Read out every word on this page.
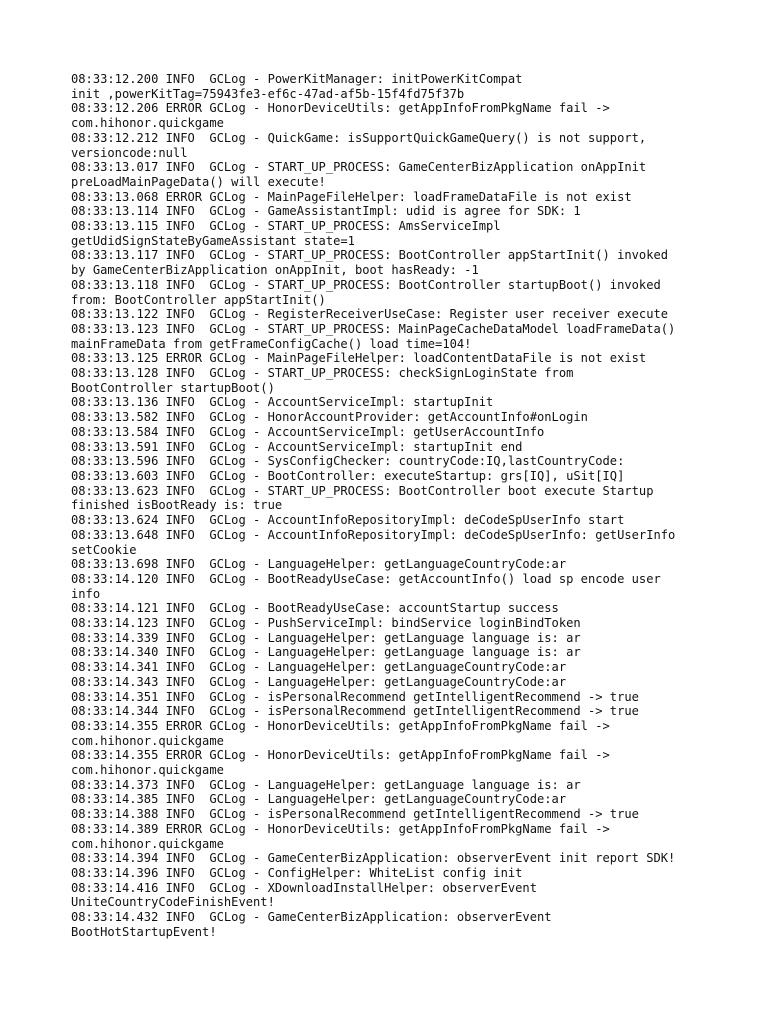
08:33:12.200 INFO  GCLog - PowerKitManager: initPowerKitCompat
init ,powerKitTag=75943fe3-ef6c-47ad-af5b-15f4fd75f37b
08:33:12.206 ERROR GCLog - HonorDeviceUtils: getAppInfoFromPkgName fail ->
com.hihonor.quickgame
08:33:12.212 INFO  GCLog - QuickGame: isSupportQuickGameQuery() is not support,
versioncode:null
08:33:13.017 INFO  GCLog - START_UP_PROCESS: GameCenterBizApplication onAppInit
preLoadMainPageData() will execute!
08:33:13.068 ERROR GCLog - MainPageFileHelper: loadFrameDataFile is not exist
08:33:13.114 INFO  GCLog - GameAssistantImpl: udid is agree for SDK: 1
08:33:13.115 INFO  GCLog - START_UP_PROCESS: AmsServiceImpl
getUdidSignStateByGameAssistant state=1
08:33:13.117 INFO  GCLog - START_UP_PROCESS: BootController appStartInit() invoked
by GameCenterBizApplication onAppInit, boot hasReady: -1
08:33:13.118 INFO  GCLog - START_UP_PROCESS: BootController startupBoot() invoked
from: BootController appStartInit()
08:33:13.122 INFO  GCLog - RegisterReceiverUseCase: Register user receiver execute
08:33:13.123 INFO  GCLog - START_UP_PROCESS: MainPageCacheDataModel loadFrameData()
mainFrameData from getFrameConfigCache() load time=104!
08:33:13.125 ERROR GCLog - MainPageFileHelper: loadContentDataFile is not exist
08:33:13.128 INFO  GCLog - START_UP_PROCESS: checkSignLoginState from
BootController startupBoot()
08:33:13.136 INFO  GCLog - AccountServiceImpl: startupInit
08:33:13.582 INFO  GCLog - HonorAccountProvider: getAccountInfo#onLogin
08:33:13.584 INFO  GCLog - AccountServiceImpl: getUserAccountInfo
08:33:13.591 INFO  GCLog - AccountServiceImpl: startupInit end
08:33:13.596 INFO  GCLog - SysConfigChecker: countryCode:IQ,lastCountryCode:
08:33:13.603 INFO  GCLog - BootController: executeStartup: grs[IQ], uSit[IQ]
08:33:13.623 INFO  GCLog - START_UP_PROCESS: BootController boot execute Startup
finished isBootReady is: true
08:33:13.624 INFO  GCLog - AccountInfoRepositoryImpl: deCodeSpUserInfo start
08:33:13.648 INFO  GCLog - AccountInfoRepositoryImpl: deCodeSpUserInfo: getUserInfo
setCookie
08:33:13.698 INFO  GCLog - LanguageHelper: getLanguageCountryCode:ar
08:33:14.120 INFO  GCLog - BootReadyUseCase: getAccountInfo() load sp encode user
info
08:33:14.121 INFO  GCLog - BootReadyUseCase: accountStartup success
08:33:14.123 INFO  GCLog - PushServiceImpl: bindService loginBindToken
08:33:14.339 INFO  GCLog - LanguageHelper: getLanguage language is: ar
08:33:14.340 INFO  GCLog - LanguageHelper: getLanguage language is: ar
08:33:14.341 INFO  GCLog - LanguageHelper: getLanguageCountryCode:ar
08:33:14.343 INFO  GCLog - LanguageHelper: getLanguageCountryCode:ar
08:33:14.351 INFO  GCLog - isPersonalRecommend getIntelligentRecommend -> true
08:33:14.344 INFO  GCLog - isPersonalRecommend getIntelligentRecommend -> true
08:33:14.355 ERROR GCLog - HonorDeviceUtils: getAppInfoFromPkgName fail ->
com.hihonor.quickgame
08:33:14.355 ERROR GCLog - HonorDeviceUtils: getAppInfoFromPkgName fail ->
com.hihonor.quickgame
08:33:14.373 INFO  GCLog - LanguageHelper: getLanguage language is: ar
08:33:14.385 INFO  GCLog - LanguageHelper: getLanguageCountryCode:ar
08:33:14.388 INFO  GCLog - isPersonalRecommend getIntelligentRecommend -> true
08:33:14.389 ERROR GCLog - HonorDeviceUtils: getAppInfoFromPkgName fail ->
com.hihonor.quickgame
08:33:14.394 INFO  GCLog - GameCenterBizApplication: observerEvent init report SDK!
08:33:14.396 INFO  GCLog - ConfigHelper: WhiteList config init
08:33:14.416 INFO  GCLog - XDownloadInstallHelper: observerEvent
UniteCountryCodeFinishEvent!
08:33:14.432 INFO  GCLog - GameCenterBizApplication: observerEvent
BootHotStartupEvent!
